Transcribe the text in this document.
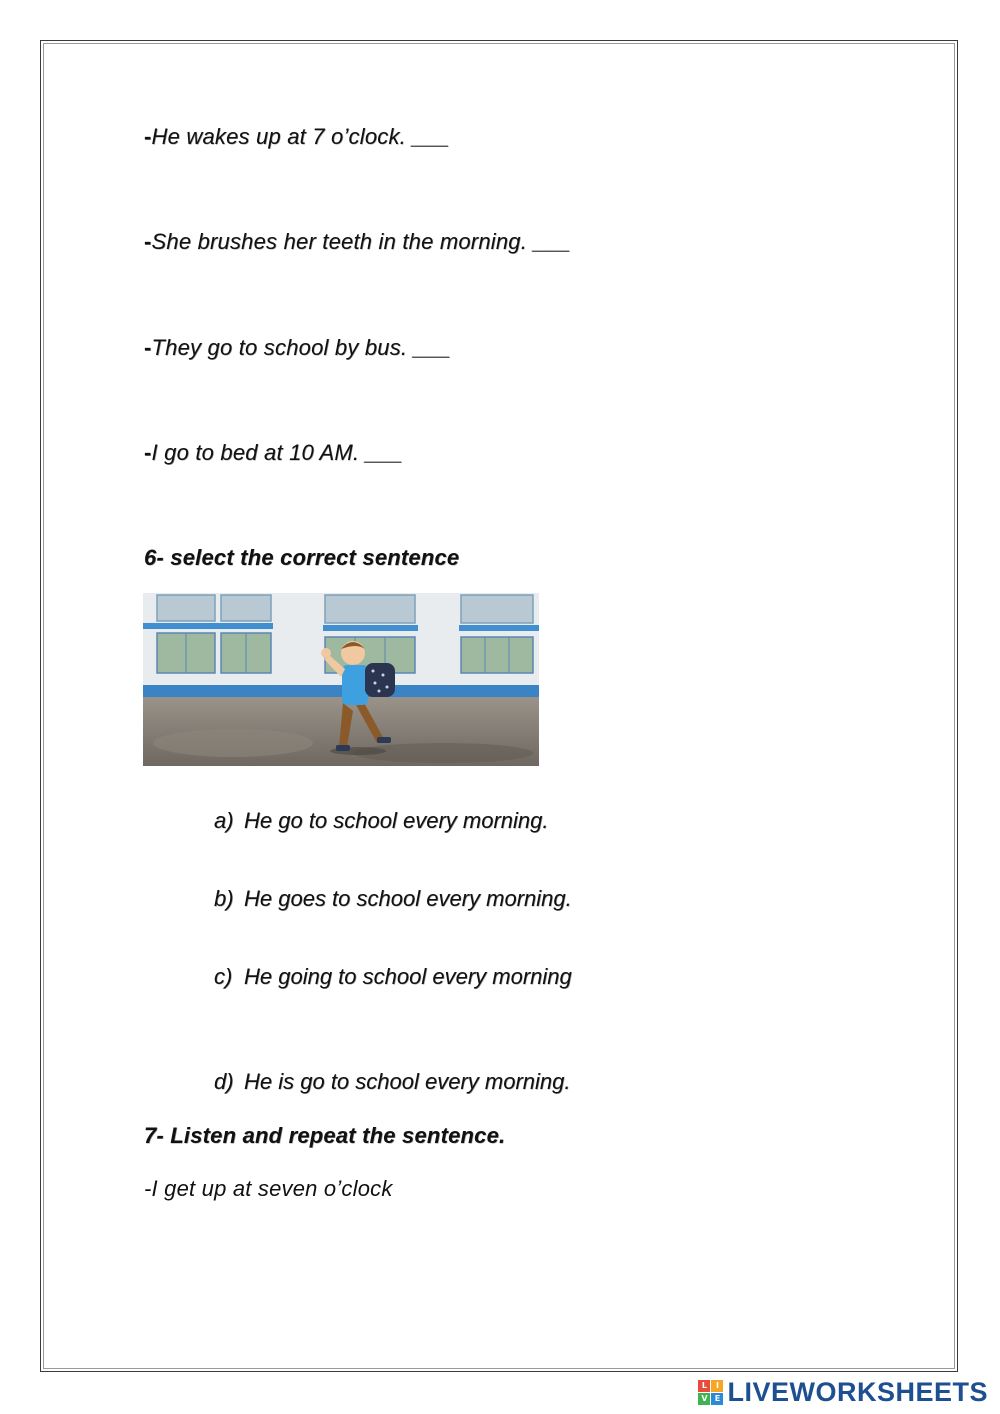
-He wakes up at 7 o’clock. ___
-She brushes her teeth in the morning. ___
-They go to school by bus. ___
-I go to bed at 10 AM. ___
6- select the correct sentence
a) He go to school every morning.
b) He goes to school every morning.
c) He going to school every morning
d) He is go to school every morning.
7- Listen and repeat the sentence.
-I get up at seven o’clock
L	I
V E LIVEWORKSHEETS
